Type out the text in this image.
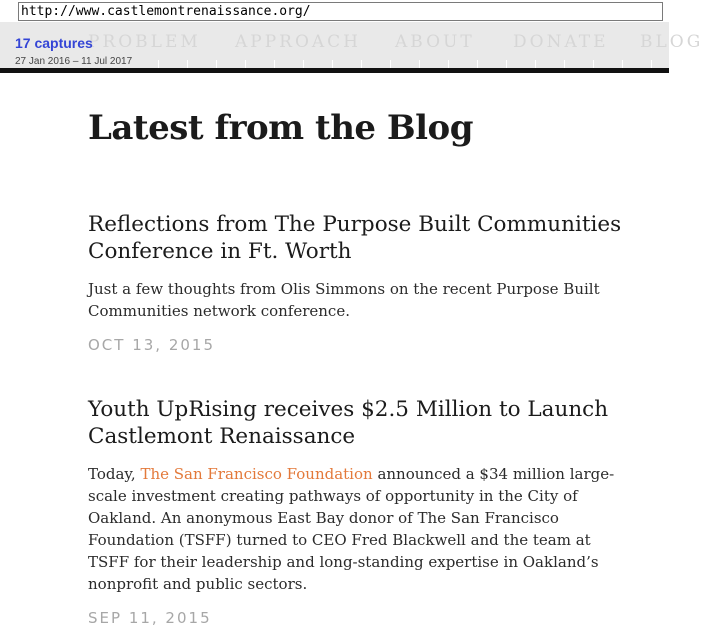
PROBLEM APPROACH ABOUT DONATE BLOG
http://www.castlemontrenaissance.org/
17 captures
27 Jan 2016 – 11 Jul 2017
Latest from the Blog
Reflections from The Purpose Built Communities Conference in Ft. Worth

Just a few thoughts from Olis Simmons on the recent Purpose Built Communities network conference.

OCT 13, 2015
Youth UpRising receives $2.5 Million to Launch Castlemont Renaissance

Today, The San Francisco Foundation announced a $34 million large-scale investment creating pathways of opportunity in the City of Oakland. An anonymous East Bay donor of The San Francisco Foundation (TSFF) turned to CEO Fred Blackwell and the team at TSFF for their leadership and long-standing expertise in Oakland’s nonprofit and public sectors.

SEP 11, 2015
